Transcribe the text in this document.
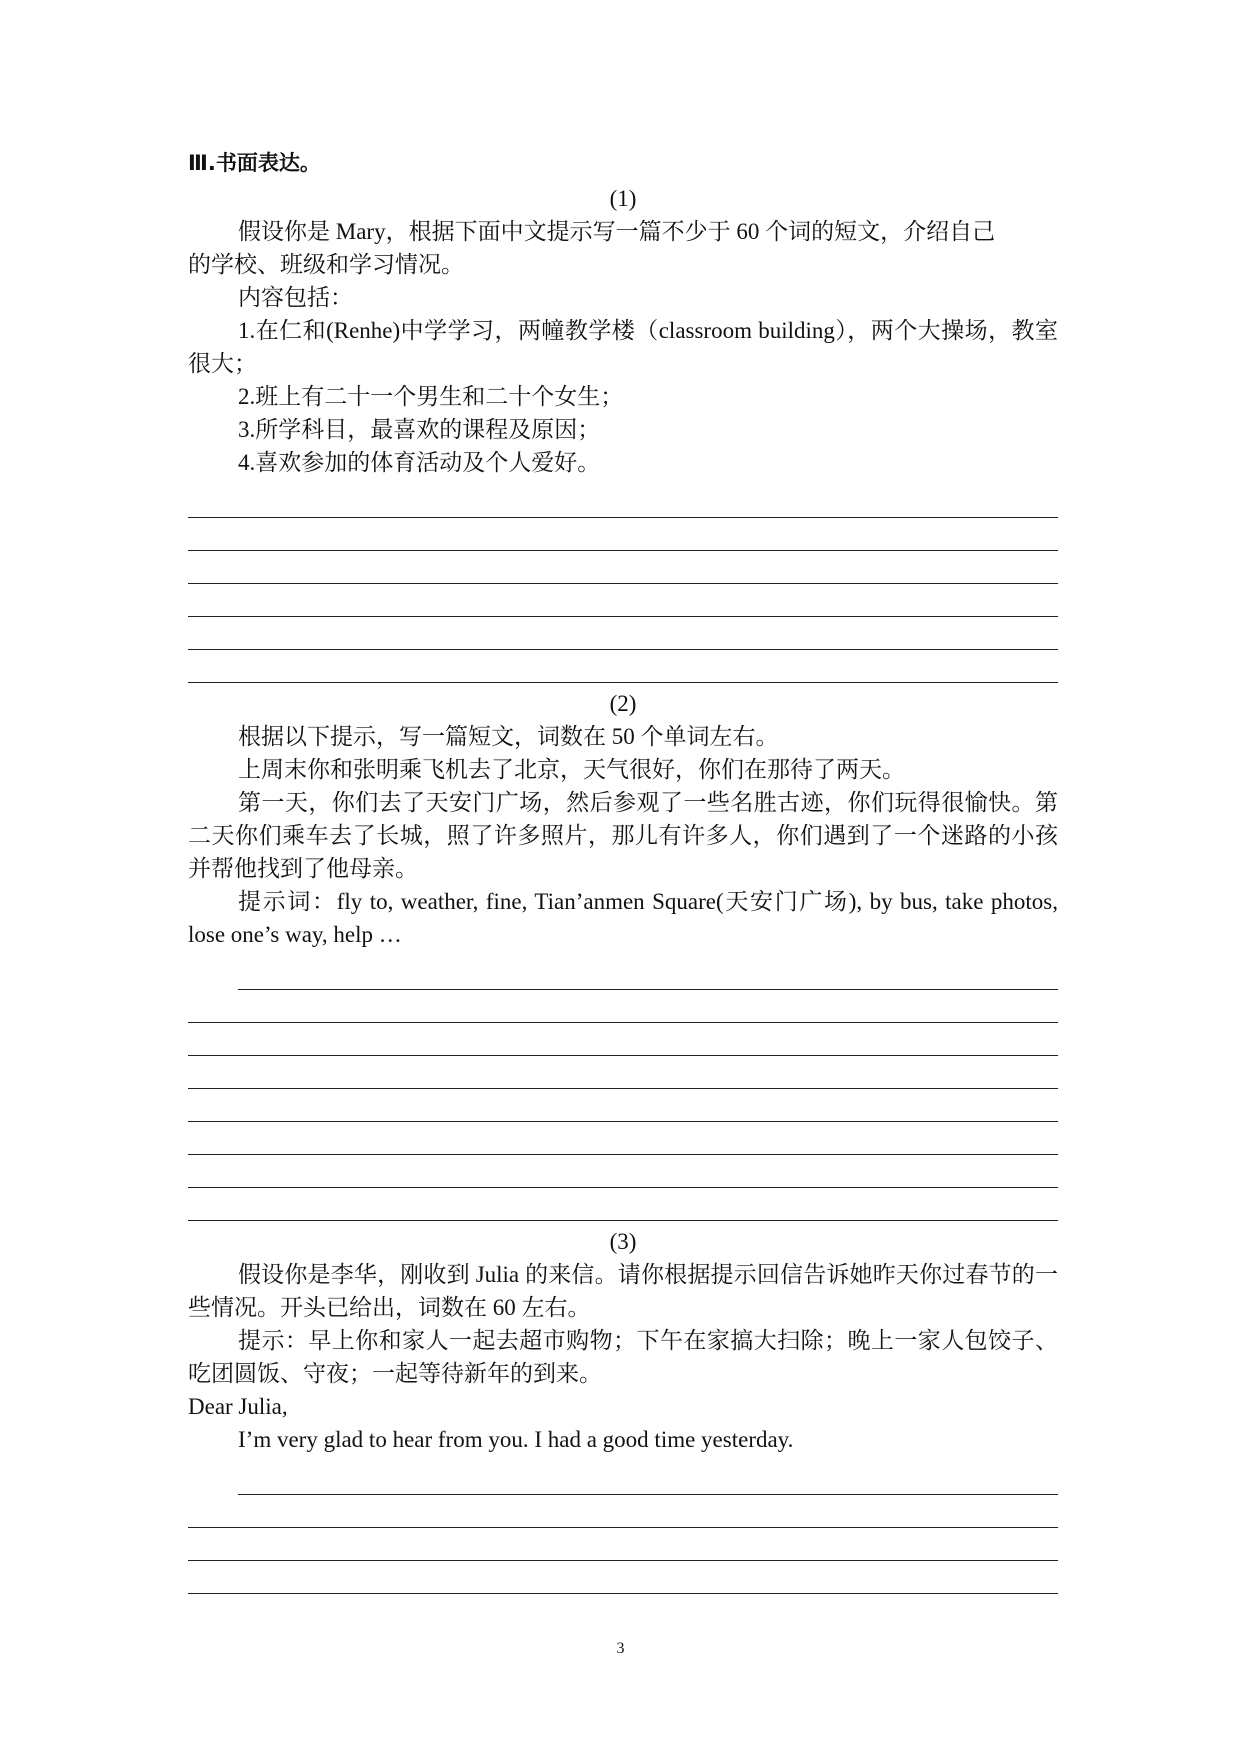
Ⅲ.书面表达。
(1)

假设你是 Mary，根据下面中文提示写一篇不少于 60 个词的短文，介绍自己

的学校、班级和学习情况。

内容包括：

1.在仁和(Renhe)中学学习，两幢教学楼（classroom building），两个大操场，教室很大；

2.班上有二十一个男生和二十个女生；

3.所学科目，最喜欢的课程及原因；

4.喜欢参加的体育活动及个人爱好。

(2)

根据以下提示，写一篇短文，词数在 50 个单词左右。

上周末你和张明乘飞机去了北京，天气很好，你们在那待了两天。

第一天，你们去了天安门广场，然后参观了一些名胜古迹，你们玩得很愉快。第二天你们乘车去了长城，照了许多照片，那儿有许多人，你们遇到了一个迷路的小孩并帮他找到了他母亲。

提示词：fly to, weather, fine, Tian’anmen Square(天安门广场), by bus, take photos, lose one’s way, help …

(3)

假设你是李华，刚收到 Julia 的来信。请你根据提示回信告诉她昨天你过春节的一些情况。开头已给出，词数在 60 左右。

提示：早上你和家人一起去超市购物；下午在家搞大扫除；晚上一家人包饺子、吃团圆饭、守夜；一起等待新年的到来。

Dear Julia,

I’m very glad to hear from you. I had a good time yesterday.

3
